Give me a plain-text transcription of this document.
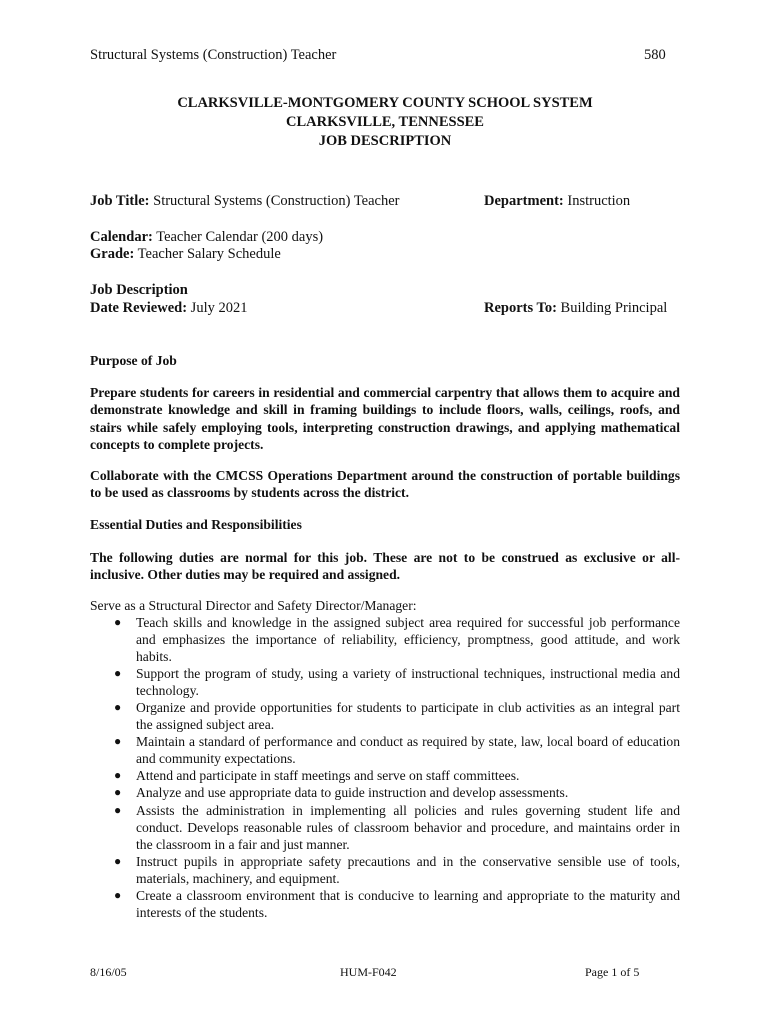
Structural Systems (Construction) Teacher	580
CLARKSVILLE-MONTGOMERY COUNTY SCHOOL SYSTEM
CLARKSVILLE, TENNESSEE
JOB DESCRIPTION
Job Title: Structural Systems (Construction) Teacher	Department: Instruction
Calendar: Teacher Calendar (200 days)
Grade: Teacher Salary Schedule
Job Description
Date Reviewed: July 2021	Reports To: Building Principal
Purpose of Job
Prepare students for careers in residential and commercial carpentry that allows them to acquire and demonstrate knowledge and skill in framing buildings to include floors, walls, ceilings, roofs, and stairs while safely employing tools, interpreting construction drawings, and applying mathematical concepts to complete projects.
Collaborate with the CMCSS Operations Department around the construction of portable buildings to be used as classrooms by students across the district.
Essential Duties and Responsibilities
The following duties are normal for this job. These are not to be construed as exclusive or all-inclusive. Other duties may be required and assigned.
Serve as a Structural Director and Safety Director/Manager:
● Teach skills and knowledge in the assigned subject area required for successful job performance and emphasizes the importance of reliability, efficiency, promptness, good attitude, and work habits.
● Support the program of study, using a variety of instructional techniques, instructional media and technology.
● Organize and provide opportunities for students to participate in club activities as an integral part the assigned subject area.
● Maintain a standard of performance and conduct as required by state, law, local board of education and community expectations.
● Attend and participate in staff meetings and serve on staff committees.
● Analyze and use appropriate data to guide instruction and develop assessments.
● Assists the administration in implementing all policies and rules governing student life and conduct. Develops reasonable rules of classroom behavior and procedure, and maintains order in the classroom in a fair and just manner.
● Instruct pupils in appropriate safety precautions and in the conservative sensible use of tools, materials, machinery, and equipment.
● Create a classroom environment that is conducive to learning and appropriate to the maturity and interests of the students.
8/16/05	HUM-F042	Page 1 of 5
